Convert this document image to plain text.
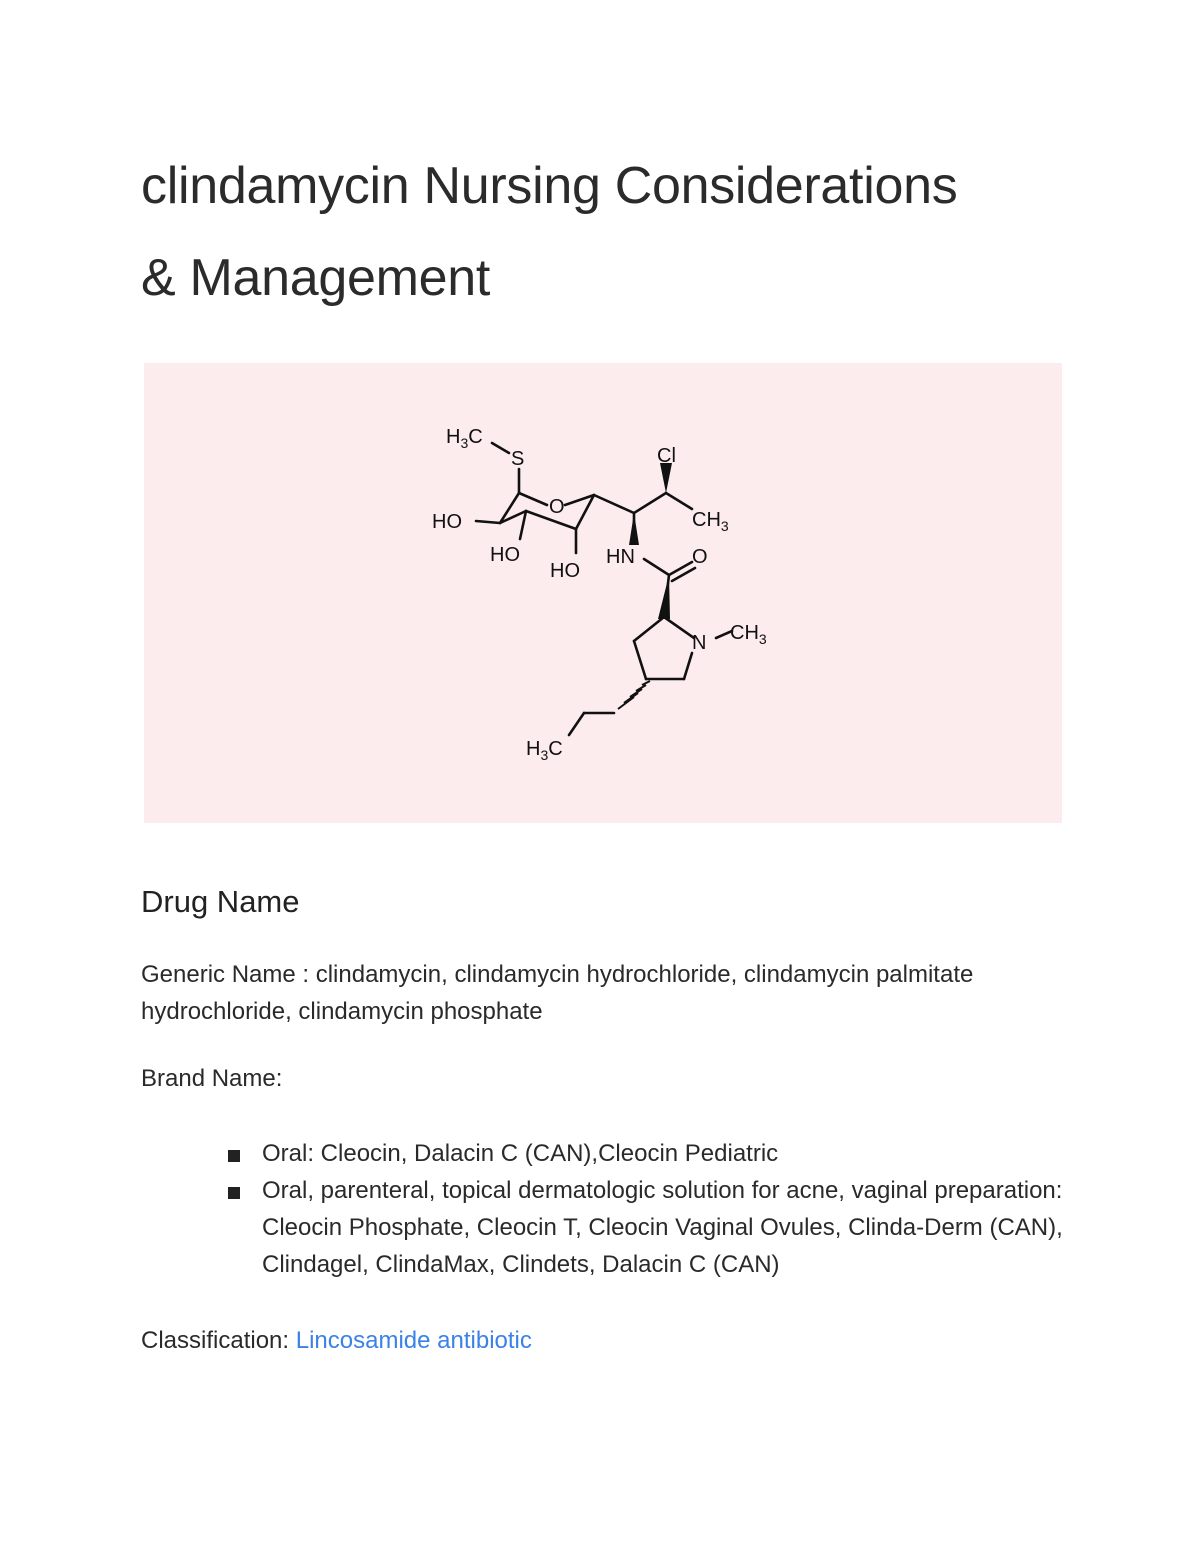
clindamycin Nursing Considerations
& Management
$H_3C$
S	Cl
O
$CH_3$
HO
HO
HO
HN	O
N $CH_3$
$H_3C$
Drug Name

Generic Name : clindamycin, clindamycin hydrochloride, clindamycin palmitate hydrochloride, clindamycin phosphate

Brand Name:

Oral: Cleocin, Dalacin C (CAN),Cleocin Pediatric
Oral, parenteral, topical dermatologic solution for acne, vaginal preparation: Cleocin Phosphate, Cleocin T, Cleocin Vaginal Ovules, Clinda-Derm (CAN), Clindagel, ClindaMax, Clindets, Dalacin C (CAN)

Classification: Lincosamide antibiotic
